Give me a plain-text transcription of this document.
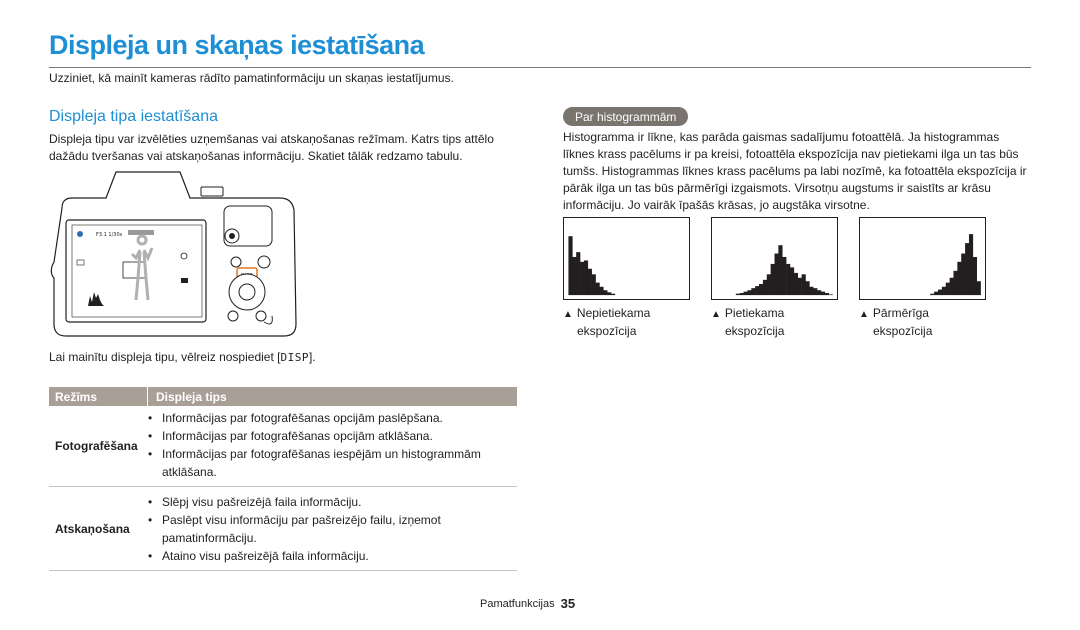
Displeja un skaņas iestatīšana
Uzziniet, kā mainīt kameras rādīto pamatinformāciju un skaņas iestatījumus.
Displeja tipa iestatīšana
Displeja tipu var izvēlēties uzņemšanas vai atskaņošanas režīmam. Katrs tips attēlo dažādu tveršanas vai atskaņošanas informāciju. Skatiet tālāk redzamo tabulu.
F3.1 1/30s
Lai mainītu displeja tipu, vēlreiz nospiediet [DISP].
Režīms	Displeja tips
Fotografēšana
• Informācijas par fotografēšanas opcijām paslēpšana.
• Informācijas par fotografēšanas opcijām atklāšana.
• Informācijas par fotografēšanas iespējām un histogrammām atklāšana.
Atskaņošana
• Slēpj visu pašreizējā faila informāciju.
• Paslēpt visu informāciju par pašreizējo failu, izņemot pamatinformāciju.
• Ataino visu pašreizējā faila informāciju.
Par histogrammām
Histogramma ir līkne, kas parāda gaismas sadalījumu fotoattēlā. Ja histogrammas līknes krass pacēlums ir pa kreisi, fotoattēla ekspozīcija nav pietiekami ilga un tas būs tumšs. Histogrammas līknes krass pacēlums pa labi nozīmē, ka fotoattēla ekspozīcija ir pārāk ilga un tas būs pārmērīgi izgaismots. Virsotņu augstums ir saistīts ar krāsu informāciju. Jo vairāk īpašās krāsas, jo augstāka virsotne.
▲ Nepietiekama
ekspozīcija
▲ Pietiekama
ekspozīcija
▲ Pārmērīga
ekspozīcija
Pamatfunkcijas 35
